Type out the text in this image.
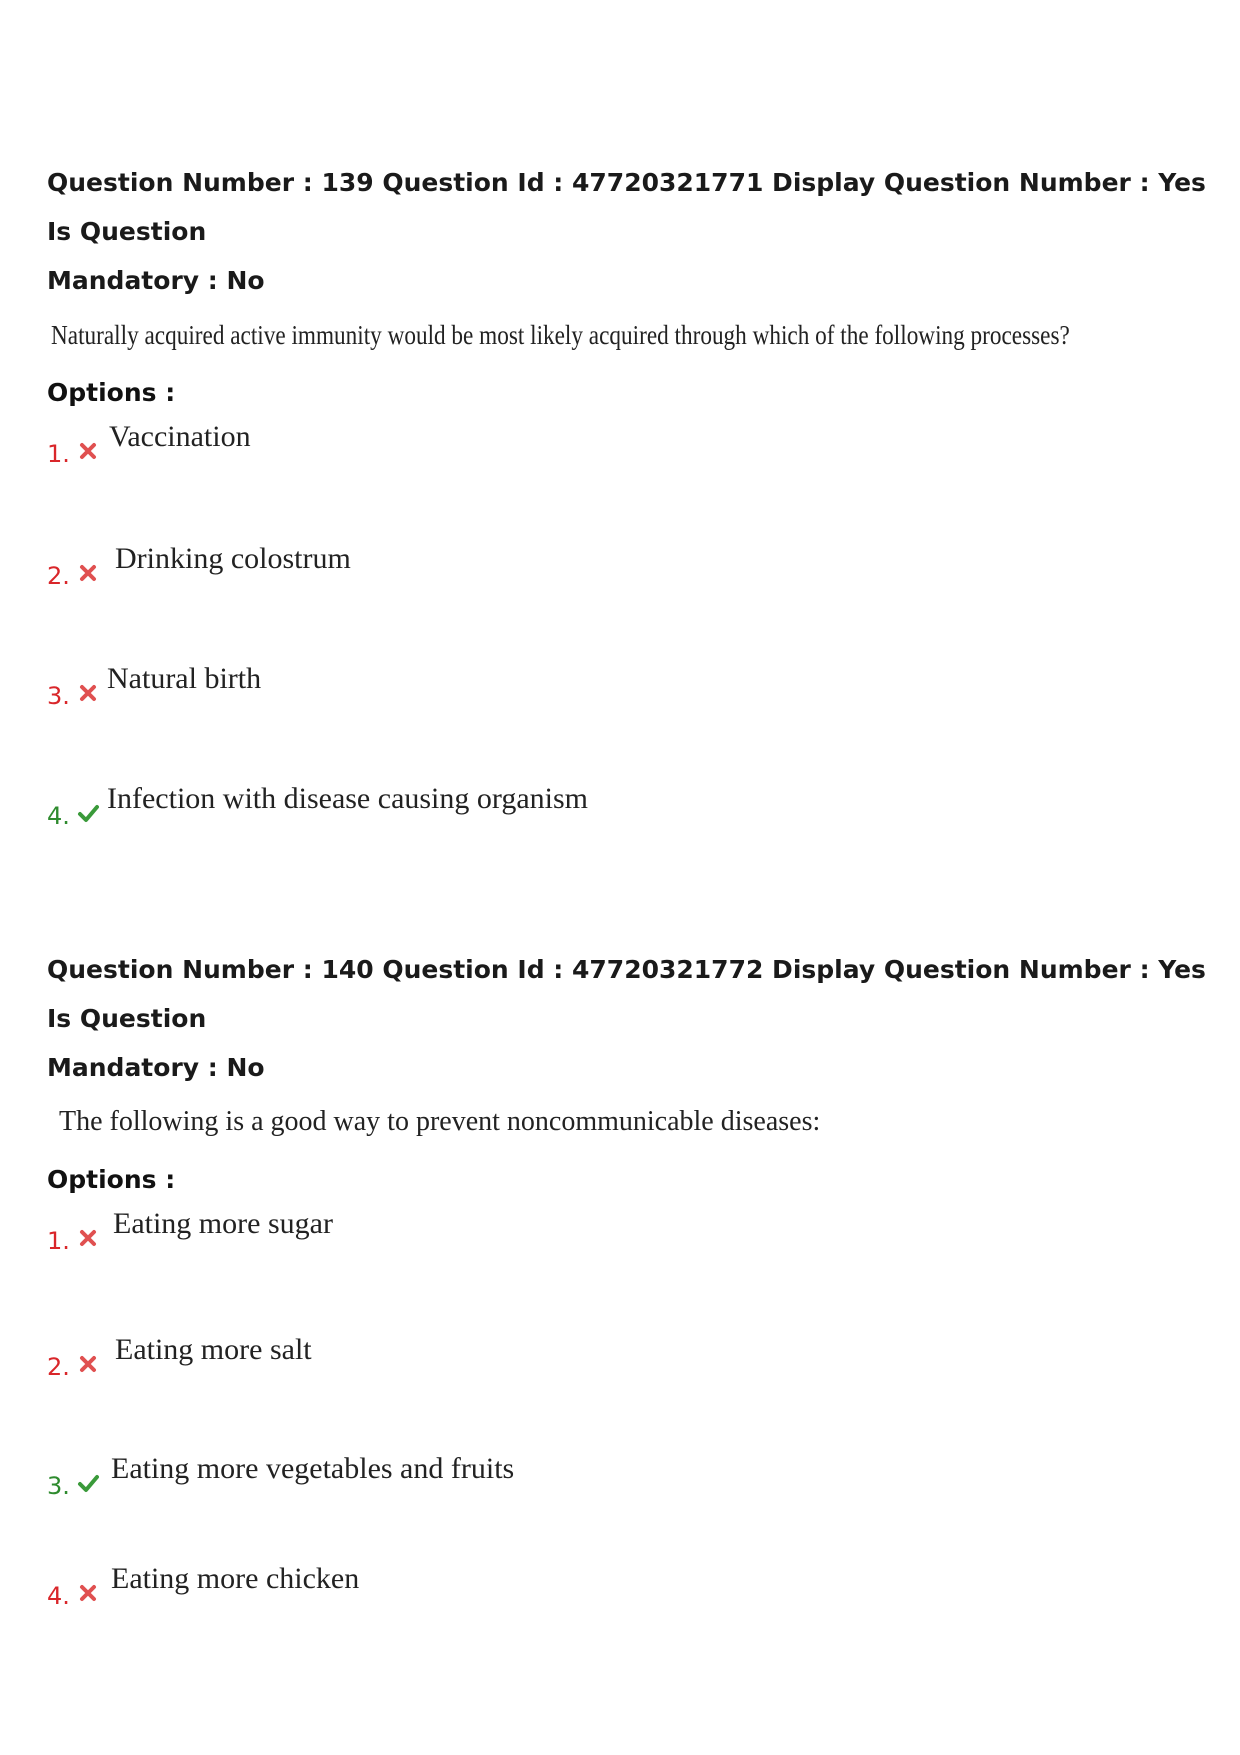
Question Number : 139 Question Id : 47720321771 Display Question Number : Yes Is Question
Mandatory : No
Naturally acquired active immunity would be most likely acquired through which of the following processes?
Options :
1.
Vaccination
2.
Drinking colostrum
3.
Natural birth
4.
Infection with disease causing organism
Question Number : 140 Question Id : 47720321772 Display Question Number : Yes Is Question
Mandatory : No
The following is a good way to prevent noncommunicable diseases:
Options :
1.
Eating more sugar
2.
Eating more salt
3.
Eating more vegetables and fruits
4.
Eating more chicken
